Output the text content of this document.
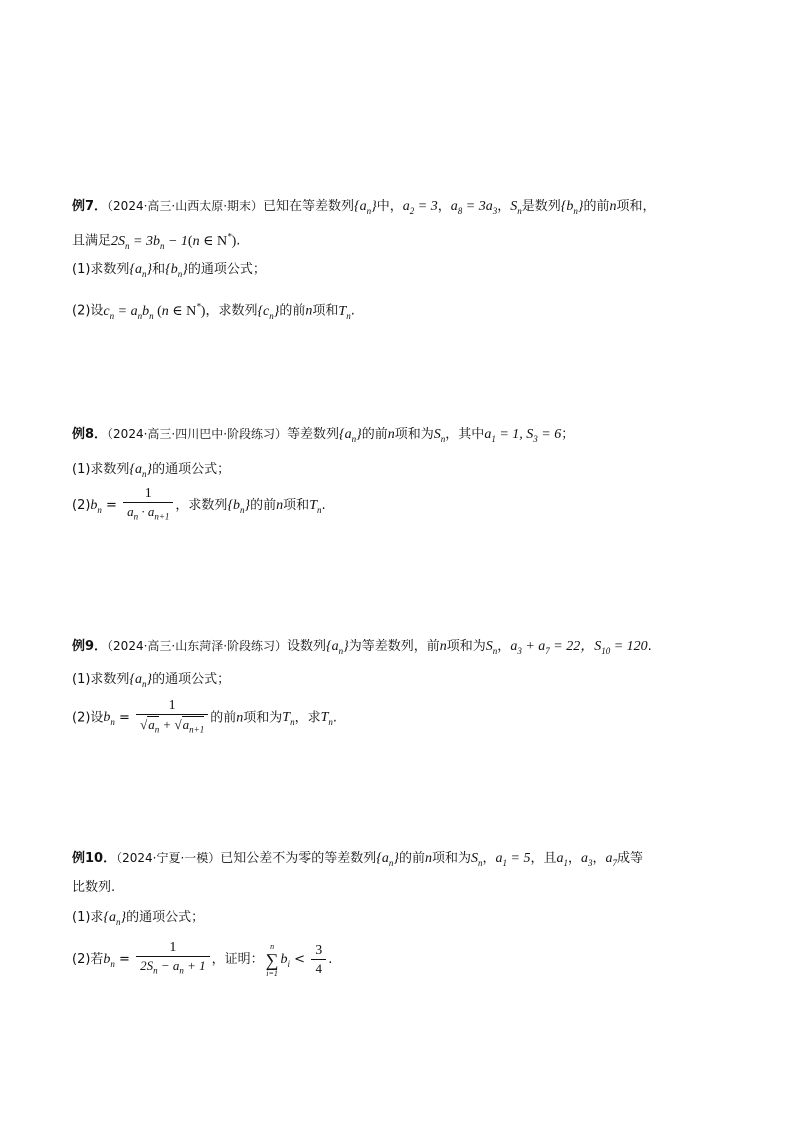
例7．（2024·高三·山西太原·期末）已知在等差数列$\{a_n\}$中，$a_2 = 3$，$a_8 = 3a_3$，$S_n$是数列$\{b_n\}$的前n项和，
且满足$2S_n = 3b_n - 1(n$ ∈ N*).
(1)求数列$\{a_n\}$和$\{b_n\}$的通项公式；
(2)设$c_n = a_nb_n$ (n ∈ N*)，求数列$\{c_n\}$的前n项和$T_n$.
例8．（2024·高三·四川巴中·阶段练习）等差数列$\{a_n\}$的前n项和为$S_n$，其中$a_1 = 1$, $S_3 = 6$；
(1)求数列$\{a_n\}$的通项公式；
$(2)b_n = \frac{1}{a_n \cdot a_{n+1}}$ ，求数列$\{b_n\}$的前n项和$T_n$.
例9．（2024·高三·山东菏泽·阶段练习）设数列$\{a_n\}$为等差数列，前n项和为$S_n$，$a_3 + a_7 = 22$，$S_{10} = 120$.
(1)求数列$\{a_n\}$的通项公式；
(2)设$b_n = \frac{1}{√a_n + √a_{n+1}}$ 的前n项和为$T_n$，求$T_n$.
例10．（2024·宁夏·一模）已知公差不为零的等差数列$\{a_n\}$的前n项和为$S_n$，$a_1 = 5$，且$a_1$，$a_3$，$a_7$成等
比数列.
(1)求$\{a_n\}$的通项公式；
(2)若$b_n = \frac{1}{2S_n - a_n + 1}$ ，证明：
n
∑
i=1
$b_i < \frac{3}{4}$ .
